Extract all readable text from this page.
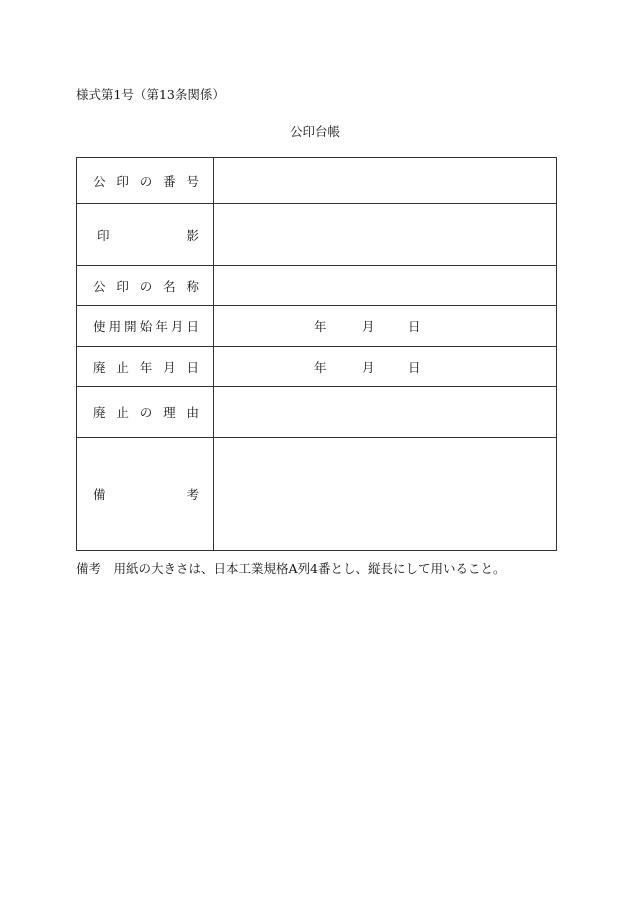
様式第1号（第13条関係）
公印台帳
公印の番号	

印影	

公印の名称	

使用開始年月日	年 月 日

廃止年月日	年 月 日

廃止の理由	

備考	

備考　用紙の大きさは、日本工業規格A列4番とし、縦長にして用いること。
